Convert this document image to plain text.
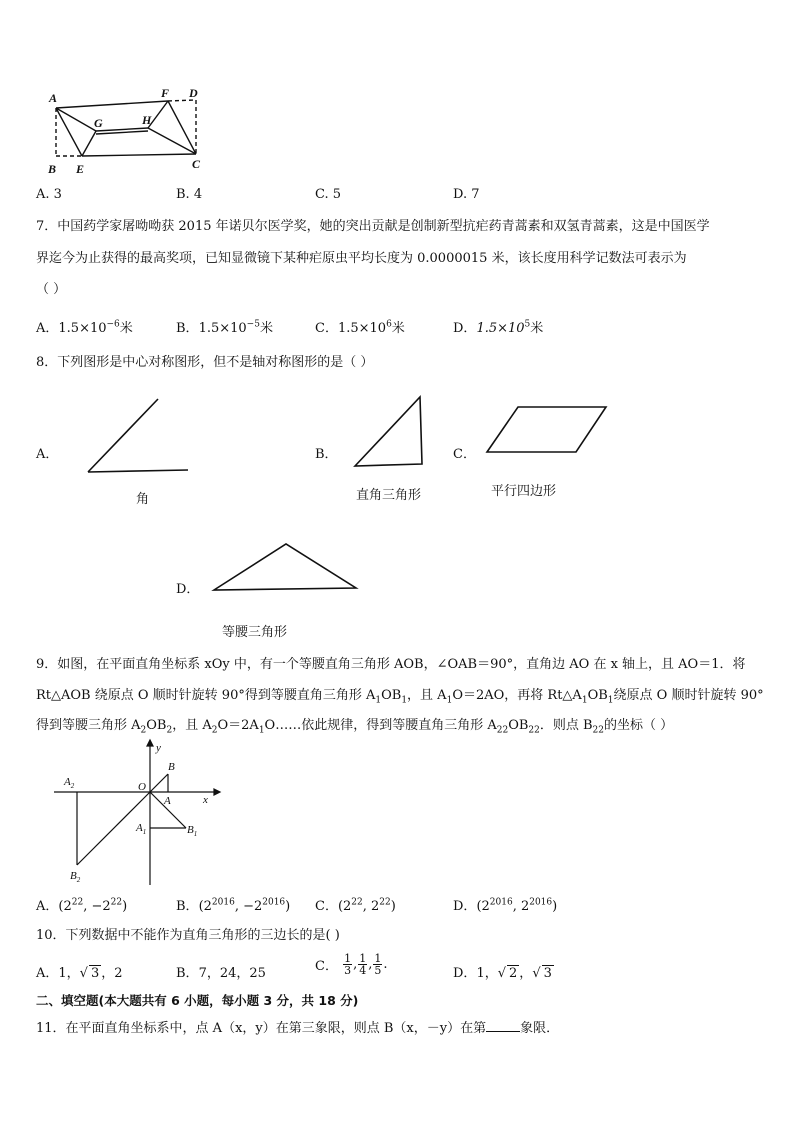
A
B E
G	H
F D
C
A. 3	B. 4	C. 5	D. 7
7．中国药学家屠呦呦获 2015 年诺贝尔医学奖，她的突出贡献是创制新型抗疟药青蒿素和双氢青蒿素，这是中国医学
界迄今为止获得的最高奖项，已知显微镜下某种疟原虫平均长度为 0.0000015 米，该长度用科学记数法可表示为
（ ）
A．$1.5\times 10^{-6}$米	B．$1.5\times 10^{-5}$米	C．$1.5\times 10^6$米	D．$1.5\times 10^5$米
8．下列图形是中心对称图形，但不是轴对称图形的是（ ）
A．
角
B．
直角三角形
C．
平行四边形
D．
等腰三角形
9．如图，在平面直角坐标系 xOy 中，有一个等腰直角三角形 AOB，∠OAB＝90°，直角边 AO 在 x 轴上，且 AO＝1．将
Rt△AOB 绕原点 O 顺时针旋转 90°得到等腰直角三角形 $A_1OB_1$，且 $A_1O=2AO$，再将 $Rt\triangle A_1OB_1$绕原点 O 顺时针旋转 90°
得到等腰三角形 $A_2OB_2$，且 $A_2O=2A_1O\dots\dots$依此规律，得到等腰直角三角形 $A_{22}OB_{22}$．则点 $B_{22}$的坐标（ ）
y
x
O
B
A
$A_1$	$B_1$
$A_2$
$B_2$
A．($2^{22}$, $-2^{22}$)	B．($2^{2016}$, $-2^{2016}$) C．($2^{22}$, $2^{22}$)	D．($2^{2016}$, $2^{2016}$)
10．下列数据中不能作为直角三角形的三边长的是( )
A．1，√ 3 ，2	B．7，24，25	C． $\frac{1}{3}$ , $\frac{1}{4}$ , $\frac{1}{5}$ .
D．1，√ 2 ，√ 3
二、填空题(本大题共有 6 小题，每小题 3 分，共 18 分)
11．在平面直角坐标系中，点 A（x，y）在第三象限，则点 B（x，－y）在第	象限．
